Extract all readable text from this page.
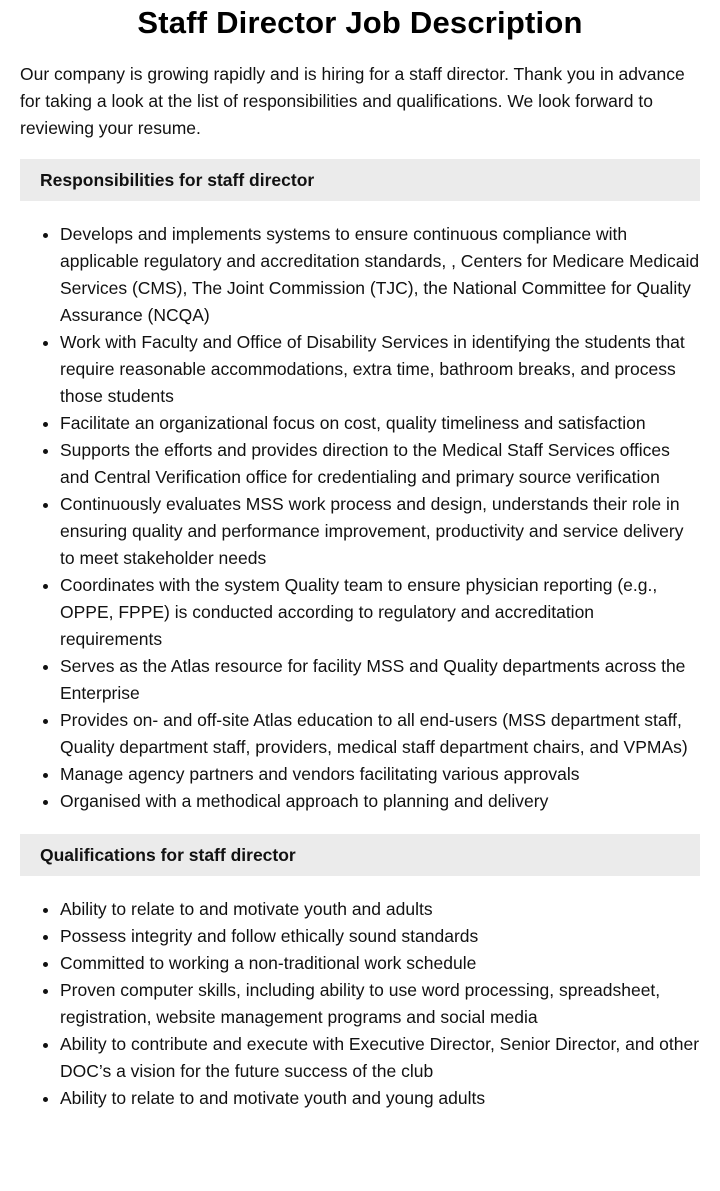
Staff Director Job Description

Our company is growing rapidly and is hiring for a staff director. Thank you in advance for taking a look at the list of responsibilities and qualifications. We look forward to reviewing your resume.

Responsibilities for staff director
• Develops and implements systems to ensure continuous compliance with applicable regulatory and accreditation standards, , Centers for Medicare Medicaid Services (CMS), The Joint Commission (TJC), the National Committee for Quality Assurance (NCQA)
• Work with Faculty and Office of Disability Services in identifying the students that require reasonable accommodations, extra time, bathroom breaks, and process those students
• Facilitate an organizational focus on cost, quality timeliness and satisfaction
• Supports the efforts and provides direction to the Medical Staff Services offices and Central Verification office for credentialing and primary source verification
• Continuously evaluates MSS work process and design, understands their role in ensuring quality and performance improvement, productivity and service delivery to meet stakeholder needs
• Coordinates with the system Quality team to ensure physician reporting (e.g., OPPE, FPPE) is conducted according to regulatory and accreditation requirements
• Serves as the Atlas resource for facility MSS and Quality departments across the Enterprise
• Provides on- and off-site Atlas education to all end-users (MSS department staff, Quality department staff, providers, medical staff department chairs, and VPMAs)
• Manage agency partners and vendors facilitating various approvals
• Organised with a methodical approach to planning and delivery
Qualifications for staff director
• Ability to relate to and motivate youth and adults
• Possess integrity and follow ethically sound standards
• Committed to working a non-traditional work schedule
• Proven computer skills, including ability to use word processing, spreadsheet, registration, website management programs and social media
• Ability to contribute and execute with Executive Director, Senior Director, and other DOC’s a vision for the future success of the club
• Ability to relate to and motivate youth and young adults
